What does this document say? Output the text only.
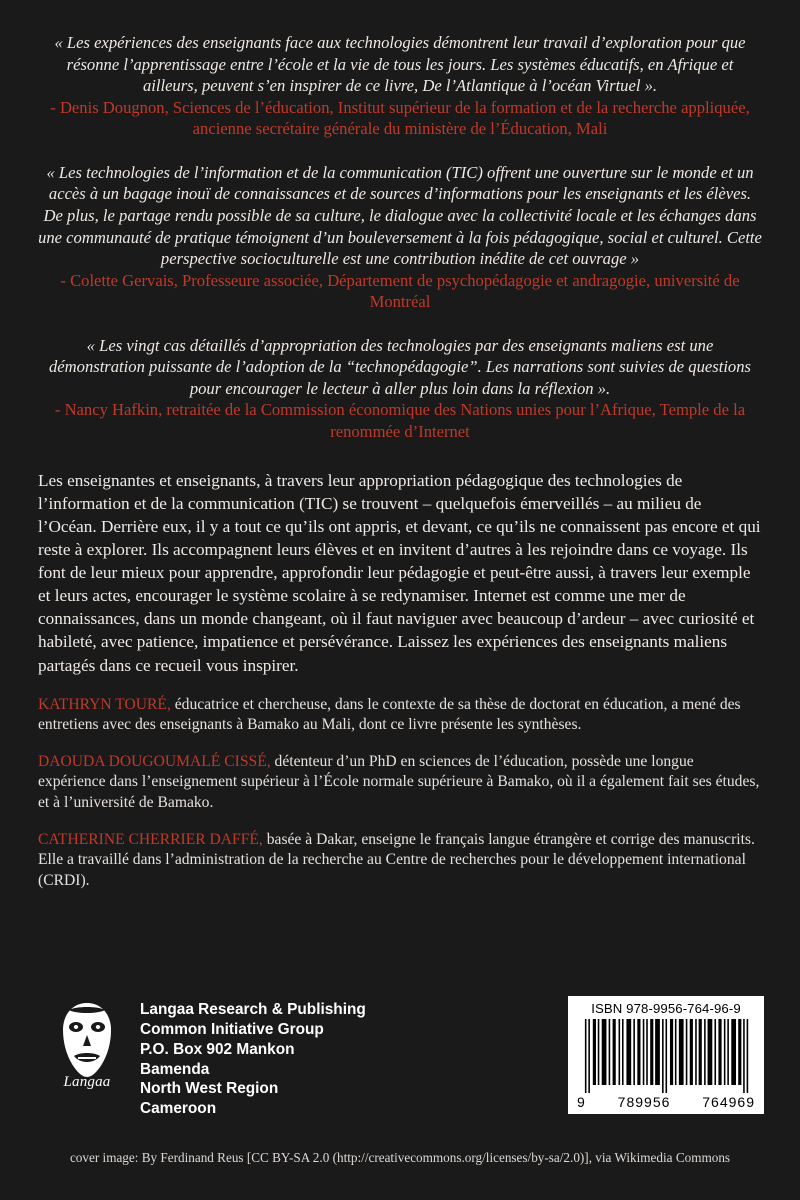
« Les expériences des enseignants face aux technologies démontrent leur travail d’exploration pour que résonne l’apprentissage entre l’école et la vie de tous les jours. Les systèmes éducatifs, en Afrique et ailleurs, peuvent s’en inspirer de ce livre, De l’Atlantique à l’océan Virtuel ».

- Denis Dougnon, Sciences de l’éducation, Institut supérieur de la formation et de la recherche appliquée, ancienne secrétaire générale du ministère de l’Éducation, Mali

« Les technologies de l’information et de la communication (TIC) offrent une ouverture sur le monde et un accès à un bagage inouï de connaissances et de sources d’informations pour les enseignants et les élèves. De plus, le partage rendu possible de sa culture, le dialogue avec la collectivité locale et les échanges dans une communauté de pratique témoignent d’un bouleversement à la fois pédagogique, social et culturel. Cette perspective socioculturelle est une contribution inédite de cet ouvrage »

- Colette Gervais, Professeure associée, Département de psychopédagogie et andragogie, université de Montréal

« Les vingt cas détaillés d’appropriation des technologies par des enseignants maliens est une démonstration puissante de l’adoption de la “technopédagogie”. Les narrations sont suivies de questions pour encourager le lecteur à aller plus loin dans la réflexion ».

- Nancy Hafkin, retraitée de la Commission économique des Nations unies pour l’Afrique, Temple de la renommée d’Internet

Les enseignantes et enseignants, à travers leur appropriation pédagogique des technologies de l’information et de la communication (TIC) se trouvent – quelquefois émerveillés – au milieu de l’Océan. Derrière eux, il y a tout ce qu’ils ont appris, et devant, ce qu’ils ne connaissent pas encore et qui reste à explorer. Ils accompagnent leurs élèves et en invitent d’autres à les rejoindre dans ce voyage. Ils font de leur mieux pour apprendre, approfondir leur pédagogie et peut-être aussi, à travers leur exemple et leurs actes, encourager le système scolaire à se redynamiser. Internet est comme une mer de connaissances, dans un monde changeant, où il faut naviguer avec beaucoup d’ardeur – avec curiosité et habileté, avec patience, impatience et persévérance. Laissez les expériences des enseignants maliens partagés dans ce recueil vous inspirer.

KATHRYN TOURÉ, éducatrice et chercheuse, dans le contexte de sa thèse de doctorat en éducation, a mené des entretiens avec des enseignants à Bamako au Mali, dont ce livre présente les synthèses.

DAOUDA DOUGOUMALÉ CISSÉ, détenteur d’un PhD en sciences de l’éducation, possède une longue expérience dans l’enseignement supérieur à l’École normale supérieure à Bamako, où il a également fait ses études, et à l’université de Bamako.

CATHERINE CHERRIER DAFFÉ, basée à Dakar, enseigne le français langue étrangère et corrige des manuscrits. Elle a travaillé dans l’administration de la recherche au Centre de recherches pour le développement international (CRDI).

Langaa
Langaa Research & Publishing
Common Initiative Group
P.O. Box 902 Mankon
Bamenda
North West Region
Cameroon
ISBN 978-9956-764-96-9
9 789956 764969
cover image: By Ferdinand Reus [CC BY-SA 2.0 (http://creativecommons.org/licenses/by-sa/2.0)], via Wikimedia Commons
